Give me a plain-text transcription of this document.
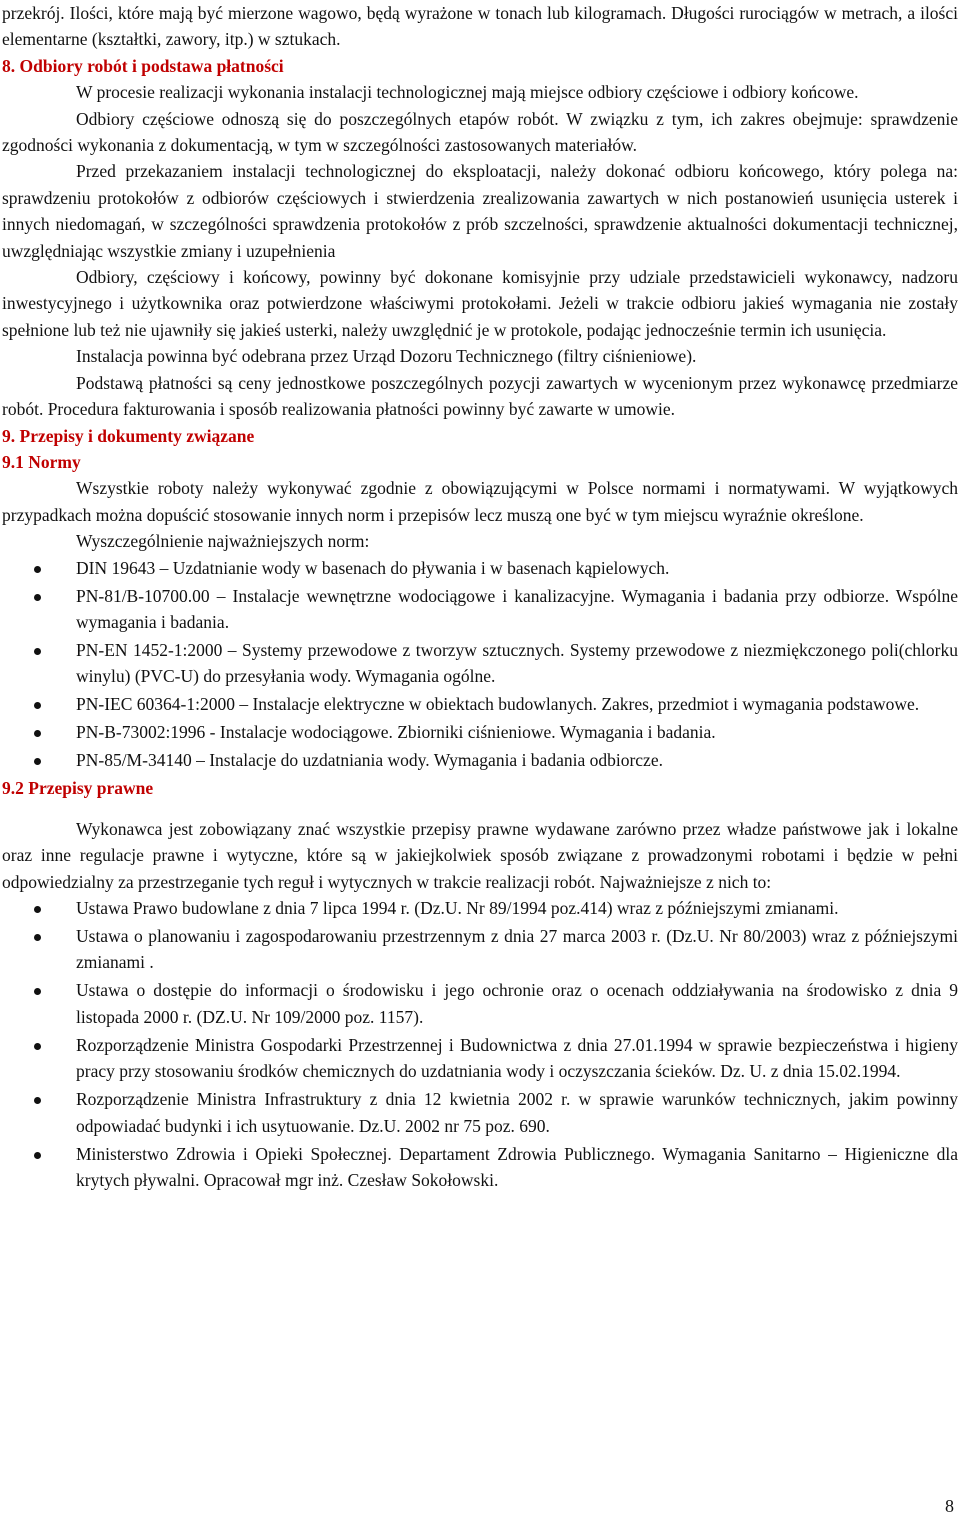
przekrój. Ilości, które mają być mierzone wagowo, będą wyrażone w tonach lub kilogramach. Długości rurociągów w metrach, a ilości elementarne (kształtki, zawory, itp.) w sztukach.

8. Odbiory robót i podstawa płatności

W procesie realizacji wykonania instalacji technologicznej mają miejsce odbiory częściowe i odbiory końcowe.

Odbiory częściowe odnoszą się do poszczególnych etapów robót. W związku z tym, ich zakres obejmuje: sprawdzenie zgodności wykonania z dokumentacją, w tym w szczególności zastosowanych materiałów.

Przed przekazaniem instalacji technologicznej do eksploatacji, należy dokonać odbioru końcowego, który polega na: sprawdzeniu protokołów z odbiorów częściowych i stwierdzenia zrealizowania zawartych w nich postanowień usunięcia usterek i innych niedomagań, w szczególności sprawdzenia protokołów z prób szczelności, sprawdzenie aktualności dokumentacji technicznej, uwzględniając wszystkie zmiany i uzupełnienia

Odbiory, częściowy i końcowy, powinny być dokonane komisyjnie przy udziale przedstawicieli wykonawcy, nadzoru inwestycyjnego i użytkownika oraz potwierdzone właściwymi protokołami. Jeżeli w trakcie odbioru jakieś wymagania nie zostały spełnione lub też nie ujawniły się jakieś usterki, należy uwzględnić je w protokole, podając jednocześnie termin ich usunięcia.

Instalacja powinna być odebrana przez Urząd Dozoru Technicznego (filtry ciśnieniowe).

Podstawą płatności są ceny jednostkowe poszczególnych pozycji zawartych w wycenionym przez wykonawcę przedmiarze robót. Procedura fakturowania i sposób realizowania płatności powinny być zawarte w umowie.

9. Przepisy i dokumenty związane

9.1 Normy

Wszystkie roboty należy wykonywać zgodnie z obowiązującymi w Polsce normami i normatywami. W wyjątkowych przypadkach można dopuścić stosowanie innych norm i przepisów lecz muszą one być w tym miejscu wyraźnie określone.

Wyszczególnienie najważniejszych norm:

DIN 19643 – Uzdatnianie wody w basenach do pływania i w basenach kąpielowych.
PN-81/B-10700.00 – Instalacje wewnętrzne wodociągowe i kanalizacyjne. Wymagania i badania przy odbiorze. Wspólne wymagania i badania.
PN-EN 1452-1:2000 – Systemy przewodowe z tworzyw sztucznych. Systemy przewodowe z niezmiękczonego poli(chlorku winylu) (PVC-U) do przesyłania wody. Wymagania ogólne.
PN-IEC 60364-1:2000 – Instalacje elektryczne w obiektach budowlanych. Zakres, przedmiot i wymagania podstawowe.
PN-B-73002:1996 - Instalacje wodociągowe. Zbiorniki ciśnieniowe. Wymagania i badania.
PN-85/M-34140 – Instalacje do uzdatniania wody. Wymagania i badania odbiorcze.

9.2 Przepisy prawne

Wykonawca jest zobowiązany znać wszystkie przepisy prawne wydawane zarówno przez władze państwowe jak i lokalne oraz inne regulacje prawne i wytyczne, które są w jakiejkolwiek sposób związane z prowadzonymi robotami i będzie w pełni odpowiedzialny za przestrzeganie tych reguł i wytycznych w trakcie realizacji robót. Najważniejsze z nich to:

Ustawa Prawo budowlane z dnia 7 lipca 1994 r. (Dz.U. Nr 89/1994 poz.414) wraz z późniejszymi zmianami.
Ustawa o planowaniu i zagospodarowaniu przestrzennym z dnia 27 marca 2003 r. (Dz.U. Nr 80/2003) wraz z późniejszymi zmianami .
Ustawa o dostępie do informacji o środowisku i jego ochronie oraz o ocenach oddziaływania na środowisko z dnia 9 listopada 2000 r. (DZ.U. Nr 109/2000 poz. 1157).
Rozporządzenie Ministra Gospodarki Przestrzennej i Budownictwa z dnia 27.01.1994 w sprawie bezpieczeństwa i higieny pracy przy stosowaniu środków chemicznych do uzdatniania wody i oczyszczania ścieków. Dz. U. z dnia 15.02.1994.
Rozporządzenie Ministra Infrastruktury z dnia 12 kwietnia 2002 r. w sprawie warunków technicznych, jakim powinny odpowiadać budynki i ich usytuowanie. Dz.U. 2002 nr 75 poz. 690.
Ministerstwo Zdrowia i Opieki Społecznej. Departament Zdrowia Publicznego. Wymagania Sanitarno – Higieniczne dla krytych pływalni. Opracował mgr inż. Czesław Sokołowski.
8
